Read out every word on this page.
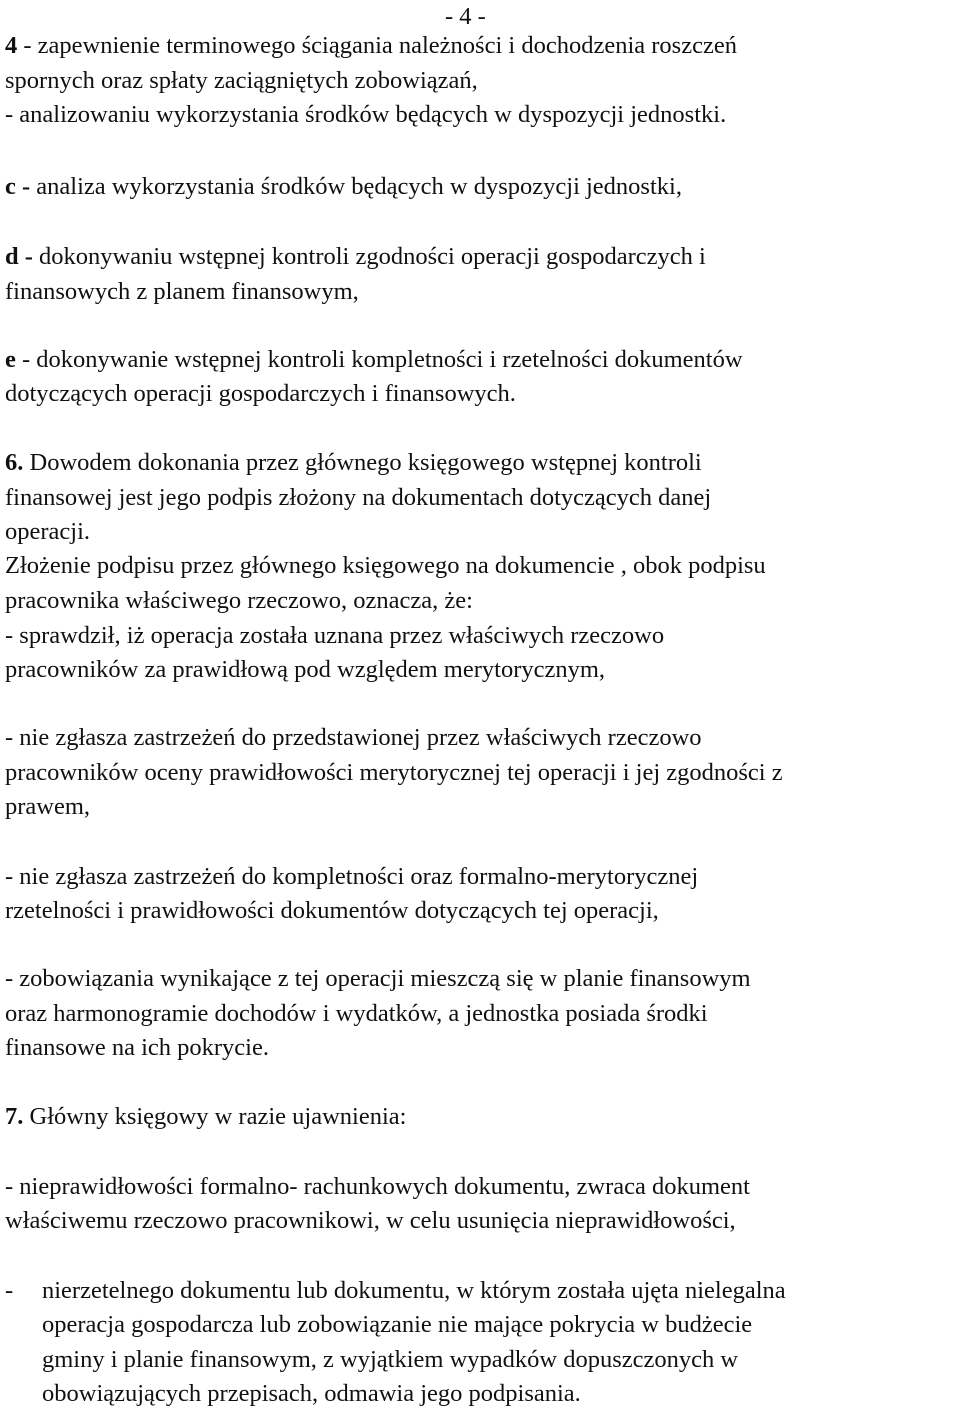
- 4 -
4 - zapewnienie terminowego ściągania należności i dochodzenia roszczeń
spornych oraz spłaty zaciągniętych zobowiązań,
- analizowaniu wykorzystania środków będących w dyspozycji jednostki.
c - analiza wykorzystania środków będących w dyspozycji jednostki,
d - dokonywaniu wstępnej kontroli zgodności operacji gospodarczych i
finansowych z planem finansowym,
e - dokonywanie wstępnej kontroli kompletności i rzetelności dokumentów
dotyczących operacji gospodarczych i finansowych.
6. Dowodem dokonania przez głównego księgowego wstępnej kontroli
finansowej jest jego podpis złożony na dokumentach dotyczących danej
operacji.
Złożenie podpisu przez głównego księgowego na dokumencie , obok podpisu
pracownika właściwego rzeczowo, oznacza, że:
- sprawdził, iż operacja została uznana przez właściwych rzeczowo
pracowników za prawidłową pod względem merytorycznym,
- nie zgłasza zastrzeżeń do przedstawionej przez właściwych rzeczowo
pracowników oceny prawidłowości merytorycznej tej operacji i jej zgodności z
prawem,
- nie zgłasza zastrzeżeń do kompletności oraz formalno-merytorycznej
rzetelności i prawidłowości dokumentów dotyczących tej operacji,
- zobowiązania wynikające z tej operacji mieszczą się w planie finansowym
oraz harmonogramie dochodów i wydatków, a jednostka posiada środki
finansowe na ich pokrycie.
7. Główny księgowy w razie ujawnienia:
- nieprawidłowości formalno- rachunkowych dokumentu, zwraca dokument
właściwemu rzeczowo pracownikowi, w celu usunięcia nieprawidłowości,
- nierzetelnego dokumentu lub dokumentu, w którym została ujęta nielegalna
operacja gospodarcza lub zobowiązanie nie mające pokrycia w budżecie
gminy i planie finansowym, z wyjątkiem wypadków dopuszczonych w
obowiązujących przepisach, odmawia jego podpisania.
